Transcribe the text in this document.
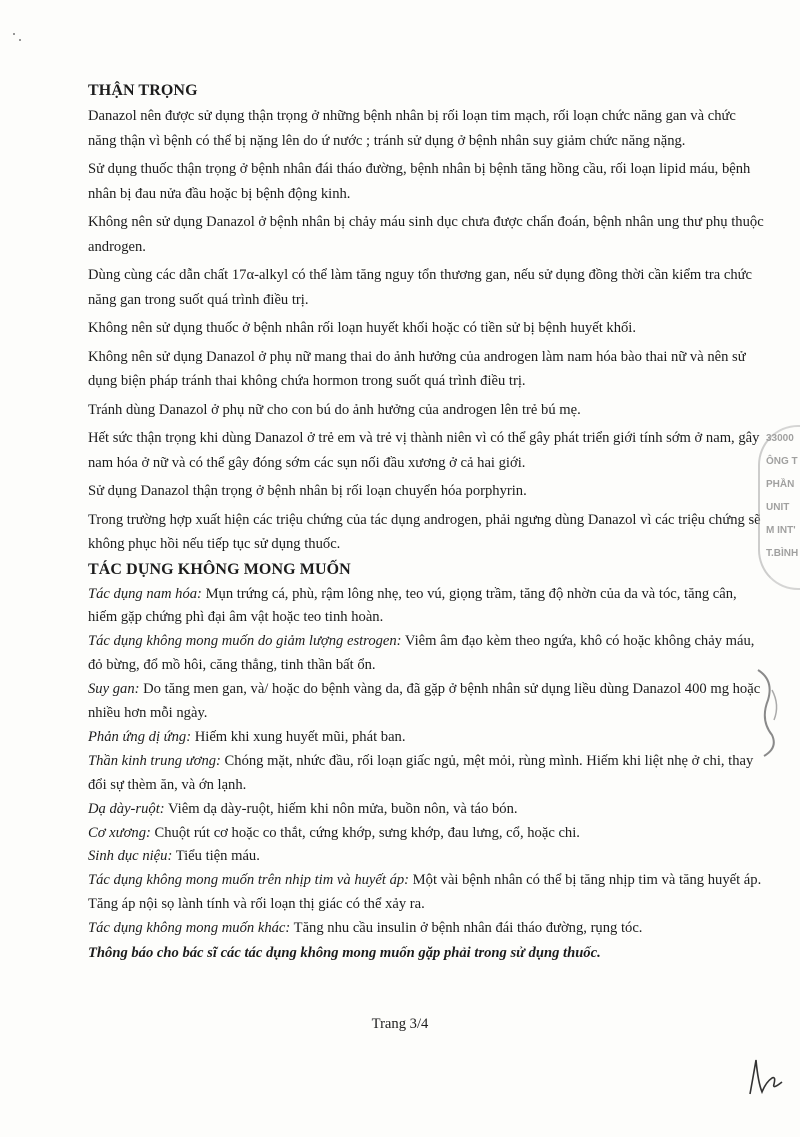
THẬN TRỌNG

Danazol nên được sử dụng thận trọng ở những bệnh nhân bị rối loạn tim mạch, rối loạn chức năng gan và chức năng thận vì bệnh có thể bị nặng lên do ứ nước ; tránh sử dụng ở bệnh nhân suy giảm chức năng nặng.

Sử dụng thuốc thận trọng ở bệnh nhân đái tháo đường, bệnh nhân bị bệnh tăng hồng cầu, rối loạn lipid máu, bệnh nhân bị đau nửa đầu hoặc bị bệnh động kinh.

Không nên sử dụng Danazol ở bệnh nhân bị chảy máu sinh dục chưa được chẩn đoán, bệnh nhân ung thư phụ thuộc androgen.

Dùng cùng các dẫn chất 17α-alkyl có thể làm tăng nguy tổn thương gan, nếu sử dụng đồng thời cần kiểm tra chức năng gan trong suốt quá trình điều trị.

Không nên sử dụng thuốc ở bệnh nhân rối loạn huyết khối hoặc có tiền sử bị bệnh huyết khối.

Không nên sử dụng Danazol ở phụ nữ mang thai do ảnh hưởng của androgen làm nam hóa bào thai nữ và nên sử dụng biện pháp tránh thai không chứa hormon trong suốt quá trình điều trị.

Tránh dùng Danazol ở phụ nữ cho con bú do ảnh hưởng của androgen lên trẻ bú mẹ.

Hết sức thận trọng khi dùng Danazol ở trẻ em và trẻ vị thành niên vì có thể gây phát triển giới tính sớm ở nam, gây nam hóa ở nữ và có thể gây đóng sớm các sụn nối đầu xương ở cả hai giới.

Sử dụng Danazol thận trọng ở bệnh nhân bị rối loạn chuyển hóa porphyrin.

Trong trường hợp xuất hiện các triệu chứng của tác dụng androgen, phải ngưng dùng Danazol vì các triệu chứng sẽ không phục hồi nếu tiếp tục sử dụng thuốc.

TÁC DỤNG KHÔNG MONG MUỐN

Tác dụng nam hóa: Mụn trứng cá, phù, rậm lông nhẹ, teo vú, giọng trầm, tăng độ nhờn của da và tóc, tăng cân, hiếm gặp chứng phì đại âm vật hoặc teo tinh hoàn.

Tác dụng không mong muốn do giảm lượng estrogen: Viêm âm đạo kèm theo ngứa, khô có hoặc không chảy máu, đỏ bừng, đổ mồ hôi, căng thẳng, tinh thần bất ổn.

Suy gan: Do tăng men gan, và/ hoặc do bệnh vàng da, đã gặp ở bệnh nhân sử dụng liều dùng Danazol 400 mg hoặc nhiều hơn mỗi ngày.

Phản ứng dị ứng: Hiếm khi xung huyết mũi, phát ban.

Thần kinh trung ương: Chóng mặt, nhức đầu, rối loạn giấc ngủ, mệt mỏi, rùng mình. Hiếm khi liệt nhẹ ở chi, thay đổi sự thèm ăn, và ớn lạnh.

Dạ dày-ruột: Viêm dạ dày-ruột, hiếm khi nôn mửa, buồn nôn, và táo bón.

Cơ xương: Chuột rút cơ hoặc co thắt, cứng khớp, sưng khớp, đau lưng, cổ, hoặc chi.

Sinh dục niệu: Tiểu tiện máu.

Tác dụng không mong muốn trên nhịp tim và huyết áp: Một vài bệnh nhân có thể bị tăng nhịp tim và tăng huyết áp. Tăng áp nội sọ lành tính và rối loạn thị giác có thể xảy ra.

Tác dụng không mong muốn khác: Tăng nhu cầu insulin ở bệnh nhân đái tháo đường, rụng tóc.

Thông báo cho bác sĩ các tác dụng không mong muốn gặp phải trong sử dụng thuốc.

Trang 3/4
33000
ÔNG T
PHẦN
UNIT
M INT'
T.BÌNH
